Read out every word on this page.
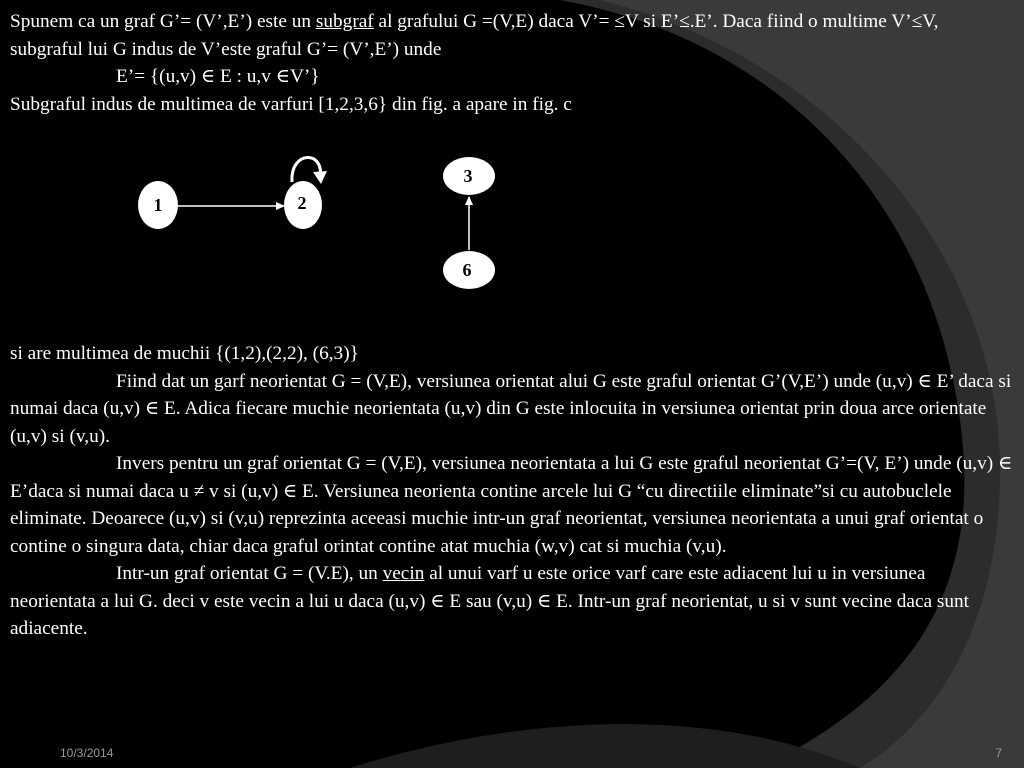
Spunem ca un graf G’= (V’,E’) este un subgraf al grafului G =(V,E) daca V’= ≤V si E’≤.E’. Daca fiind o multime V’≤V, subgraful lui G indus de V’este graful G’= (V’,E’) unde

E’= {(u,v) ∈ E : u,v ∈V’}

Subgraful indus de multimea de varfuri [1,2,3,6} din fig. a apare in fig. c

1	2
3
6

si are multimea de muchii {(1,2),(2,2), (6,3)}

Fiind dat un garf neorientat G = (V,E), versiunea orientat alui G este graful orientat G’(V,E’) unde (u,v) ∈ E’ daca si numai daca (u,v) ∈ E. Adica fiecare muchie neorientata (u,v) din G este inlocuita in versiunea orientat prin doua arce orientate (u,v) si (v,u).

Invers pentru un graf orientat G = (V,E), versiunea neorientata a lui G este graful neorientat G’=(V, E’) unde (u,v) ∈ E’daca si numai daca u ≠ v si (u,v) ∈ E. Versiunea neorienta contine arcele lui G “cu directiile eliminate”si cu autobuclele eliminate. Deoarece (u,v) si (v,u) reprezinta aceeasi muchie intr-un graf neorientat, versiunea neorientata a unui graf orientat o contine o singura data, chiar daca graful orintat contine atat muchia (w,v) cat si muchia (v,u).

Intr-un graf orientat G = (V.E), un vecin al unui varf u este orice varf care este adiacent lui u in versiunea neorientata a lui G. deci v este vecin a lui u daca (u,v) ∈ E sau (v,u) ∈ E. Intr-un graf neorientat, u si v sunt vecine daca sunt adiacente.

10/3/2014	7
